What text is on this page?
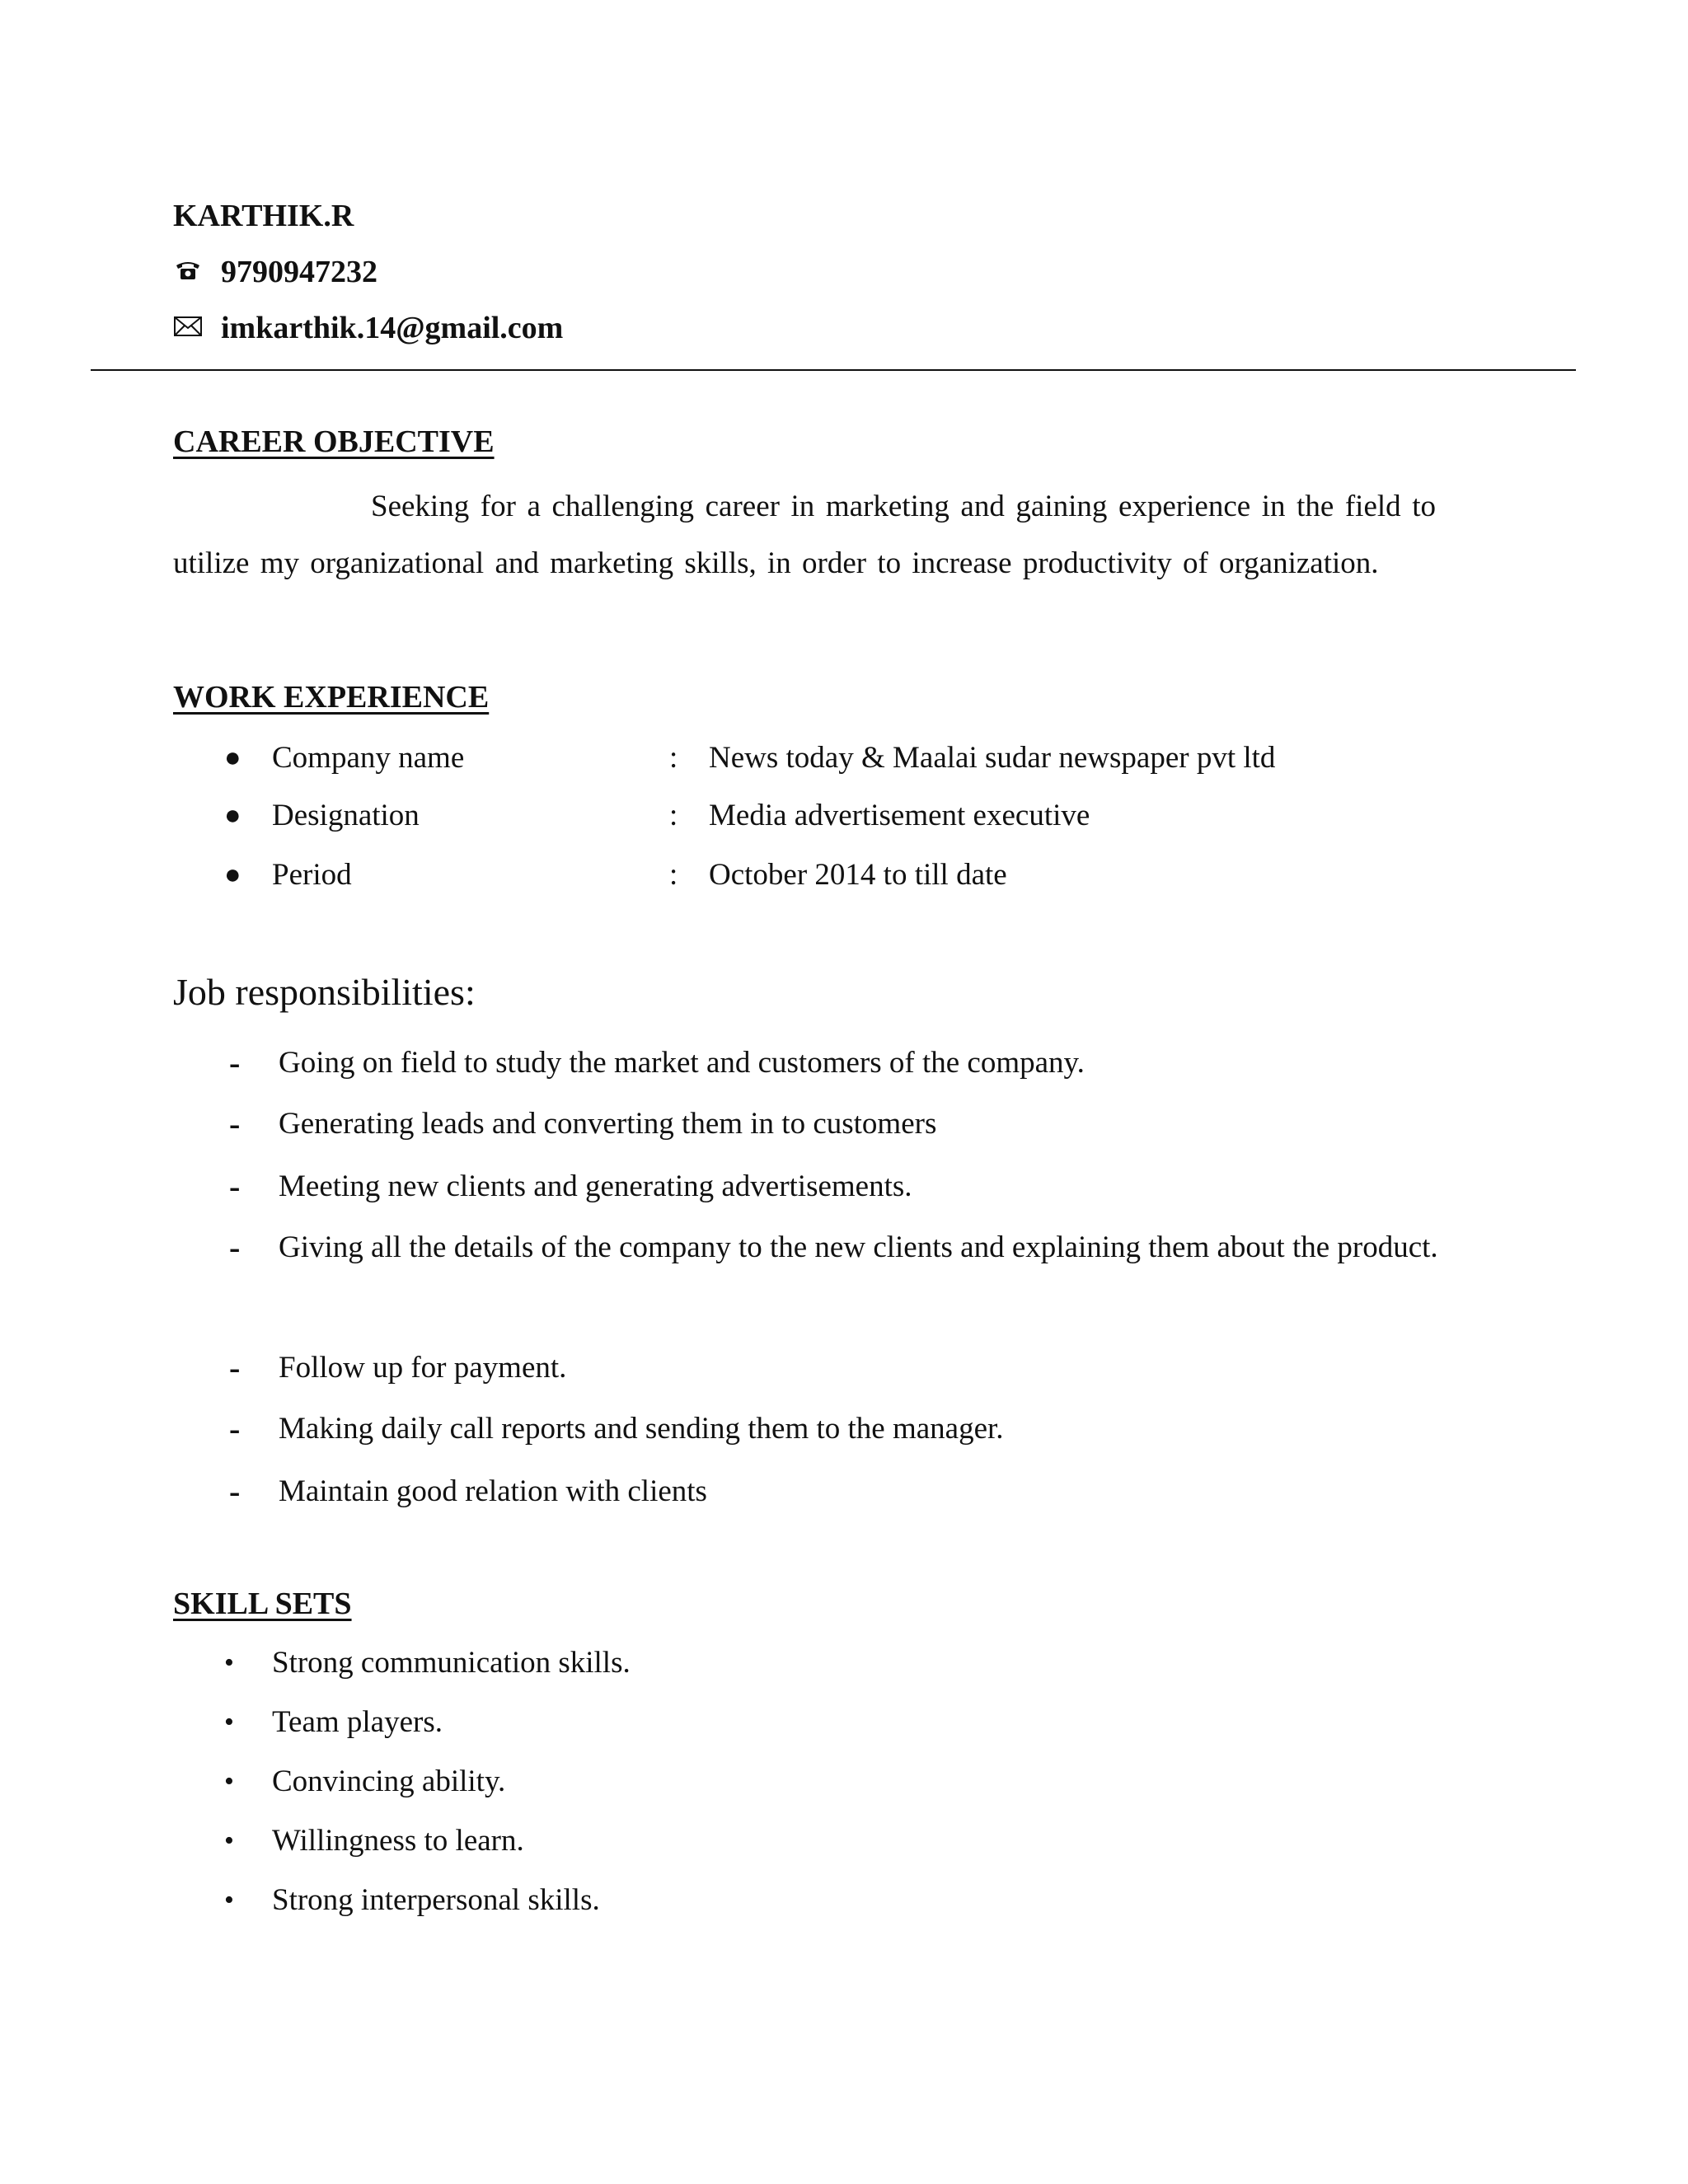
KARTHIK.R
9790947232
imkarthik.14@gmail.com
CAREER OBJECTIVE
Seeking for a challenging career in marketing and gaining experience in the field to utilize my organizational and marketing skills, in order to increase productivity of organization.
WORK EXPERIENCE
● Company name	: News today & Maalai sudar newspaper pvt ltd
● Designation	: Media advertisement executive
● Period	: October 2014 to till date
Job responsibilities:
- Going on field to study the market and customers of the company.
- Generating leads and converting them in to customers
- Meeting new clients and generating advertisements.
- Giving all the details of the company to the new clients and explaining them about the product.
- Follow up for payment.
- Making daily call reports and sending them to the manager.
- Maintain good relation with clients
SKILL SETS
• Strong communication skills.
• Team players.
• Convincing ability.
• Willingness to learn.
• Strong interpersonal skills.
